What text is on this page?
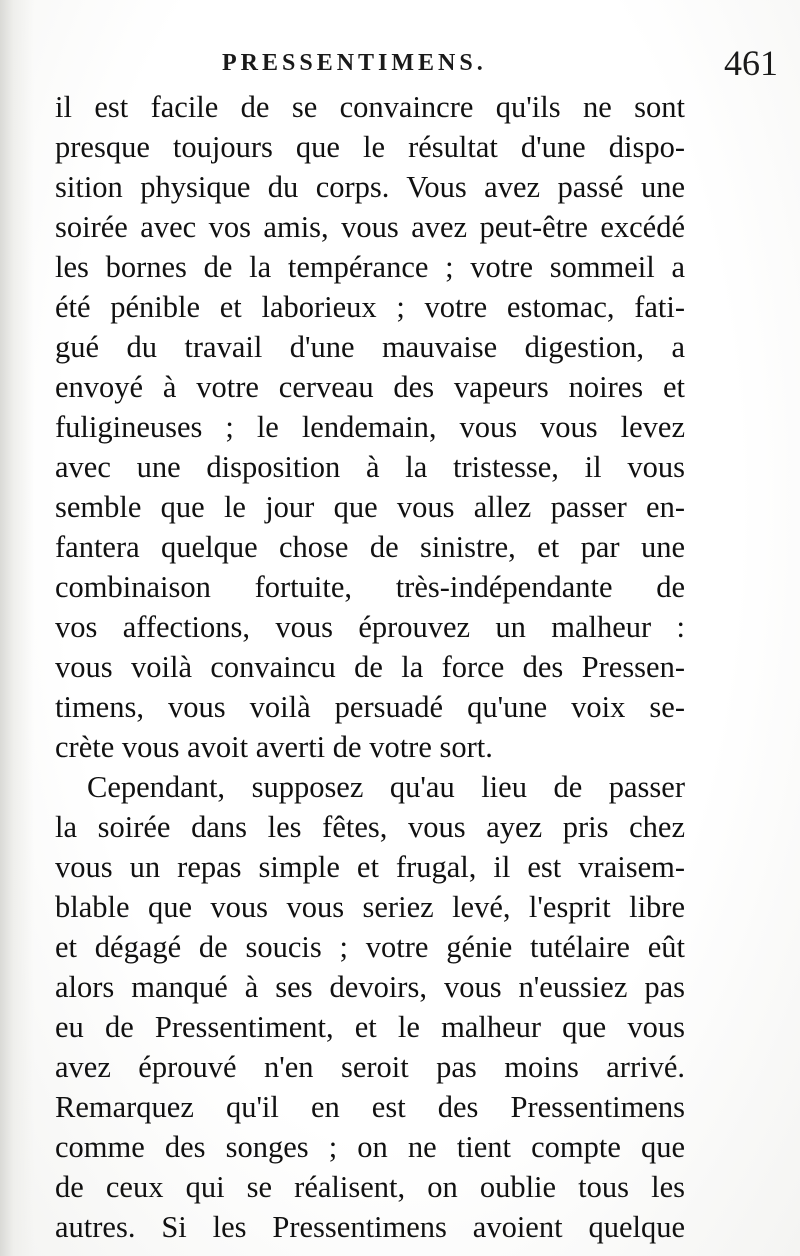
PRESSENTIMENS.	461
il est facile de se convaincre qu'ils ne sont
presque toujours que le résultat d'une dispo-
sition physique du corps. Vous avez passé une
soirée avec vos amis, vous avez peut-être excédé
les bornes de la tempérance ; votre sommeil a
été pénible et laborieux ; votre estomac, fati-
gué du travail d'une mauvaise digestion, a
envoyé à votre cerveau des vapeurs noires et
fuligineuses ; le lendemain, vous vous levez
avec une disposition à la tristesse, il vous
semble que le jour que vous allez passer en-
fantera quelque chose de sinistre, et par une
combinaison fortuite, très-indépendante de
vos affections, vous éprouvez un malheur :
vous voilà convaincu de la force des Pressen-
timens, vous voilà persuadé qu'une voix se-
crète vous avoit averti de votre sort.
Cependant, supposez qu'au lieu de passer
la soirée dans les fêtes, vous ayez pris chez
vous un repas simple et frugal, il est vraisem-
blable que vous vous seriez levé, l'esprit libre
et dégagé de soucis ; votre génie tutélaire eût
alors manqué à ses devoirs, vous n'eussiez pas
eu de Pressentiment, et le malheur que vous
avez éprouvé n'en seroit pas moins arrivé.
Remarquez qu'il en est des Pressentimens
comme des songes ; on ne tient compte que
de ceux qui se réalisent, on oublie tous les
autres. Si les Pressentimens avoient quelque
